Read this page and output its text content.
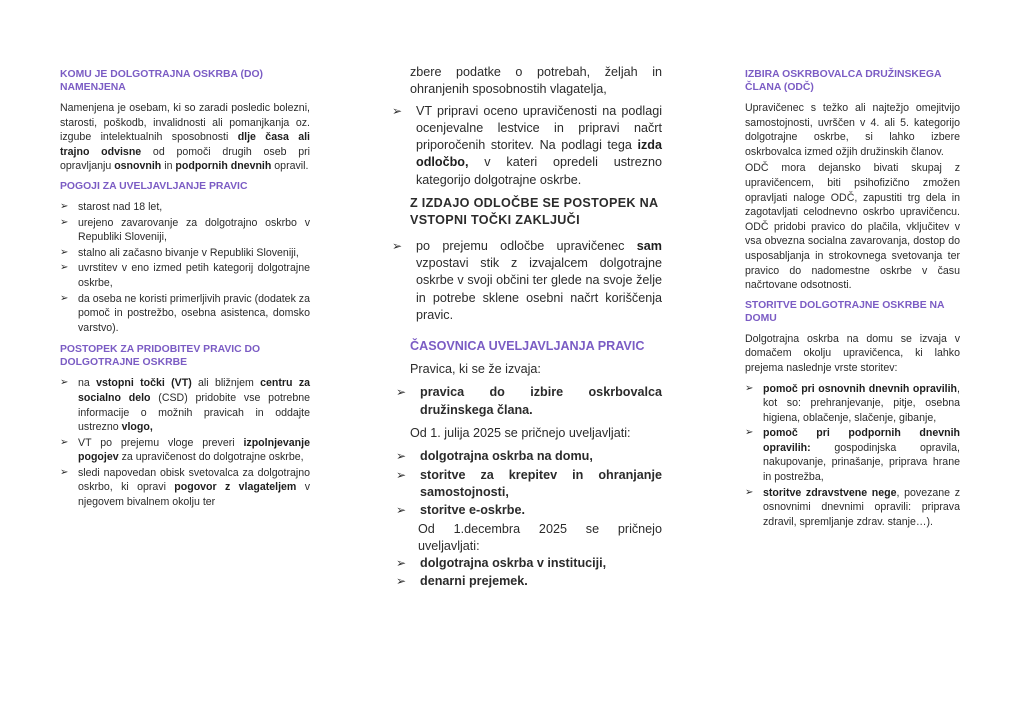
KOMU JE DOLGOTRAJNA OSKRBA (DO) NAMENJENA
Namenjena je osebam, ki so zaradi posledic bolezni, starosti, poškodb, invalidnosti ali pomanjkanja oz. izgube intelektualnih sposobnosti dlje časa ali trajno odvisne od pomoči drugih oseb pri opravljanju osnovnih in podpornih dnevnih opravil.
POGOJI ZA UVELJAVLJANJE PRAVIC
➢ starost nad 18 let,
➢ urejeno zavarovanje za dolgotrajno oskrbo v Republiki Sloveniji,
➢ stalno ali začasno bivanje v Republiki Sloveniji,
➢ uvrstitev v eno izmed petih kategorij dolgotrajne oskrbe,
➢ da oseba ne koristi primerljivih pravic (dodatek za pomoč in postrežbo, osebna asistenca, domsko varstvo).
POSTOPEK ZA PRIDOBITEV PRAVIC DO DOLGOTRAJNE OSKRBE
➢ na vstopni točki (VT) ali bližnjem centru za socialno delo (CSD) pridobite vse potrebne informacije o možnih pravicah in oddajte ustrezno vlogo,
➢ VT po prejemu vloge preveri izpolnjevanje pogojev za upravičenost do dolgotrajne oskrbe,
➢ sledi napovedan obisk svetovalca za dolgotrajno oskrbo, ki opravi pogovor z vlagateljem v njegovem bivalnem okolju ter
zbere podatke o potrebah, željah in ohranjenih sposobnostih vlagatelja,
➢ VT pripravi oceno upravičenosti na podlagi ocenjevalne lestvice in pripravi načrt priporočenih storitev. Na podlagi tega izda odločbo, v kateri opredeli ustrezno kategorijo dolgotrajne oskrbe.
Z IZDAJO ODLOČBE SE POSTOPEK NA VSTOPNI TOČKI ZAKLJUČI
➢ po prejemu odločbe upravičenec sam vzpostavi stik z izvajalcem dolgotrajne oskrbe v svoji občini ter glede na svoje želje in potrebe sklene osebni načrt koriščenja pravic.
ČASOVNICA UVELJAVLJANJA PRAVIC
Pravica, ki se že izvaja:
➢ pravica do izbire oskrbovalca družinskega člana.
Od 1. julija 2025 se pričnejo uveljavljati:
➢ dolgotrajna oskrba na domu,
➢ storitve za krepitev in ohranjanje samostojnosti,
➢ storitve e-oskrbe.
Od 1.decembra 2025 se pričnejo uveljavljati:
➢ dolgotrajna oskrba v instituciji,
➢ denarni prejemek.
IZBIRA OSKRBOVALCA DRUŽINSKEGA ČLANA (ODČ)
Upravičenec s težko ali najtežjo omejitvijo samostojnosti, uvrščen v 4. ali 5. kategorijo dolgotrajne oskrbe, si lahko izbere oskrbovalca izmed ožjih družinskih članov.
ODČ mora dejansko bivati skupaj z upravičencem, biti psihofizično zmožen opravljati naloge ODČ, zapustiti trg dela in zagotavljati celodnevno oskrbo upravičencu. ODČ pridobi pravico do plačila, vključitev v vsa obvezna socialna zavarovanja, dostop do usposabljanja in strokovnega svetovanja ter pravico do nadomestne oskrbe v času načrtovane odsotnosti.
STORITVE DOLGOTRAJNE OSKRBE NA DOMU
Dolgotrajna oskrba na domu se izvaja v domačem okolju upravičenca, ki lahko prejema naslednje vrste storitev:
➢ pomoč pri osnovnih dnevnih opravilih, kot so: prehranjevanje, pitje, osebna higiena, oblačenje, slačenje, gibanje,
➢ pomoč pri podpornih dnevnih opravilih: gospodinjska opravila, nakupovanje, prinašanje, priprava hrane in postrežba,
➢ storitve zdravstvene nege, povezane z osnovnimi dnevnimi opravili: priprava zdravil, spremljanje zdrav. stanje…).
